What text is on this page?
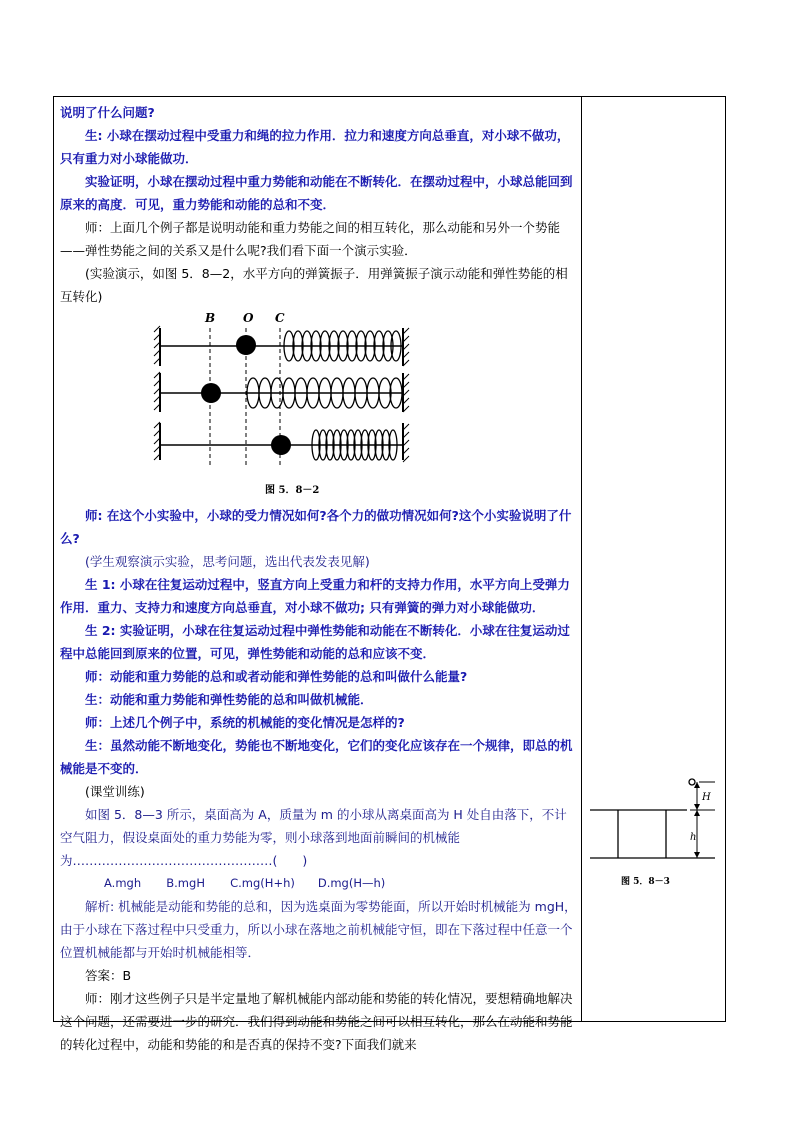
说明了什么问题?

生: 小球在摆动过程中受重力和绳的拉力作用．拉力和速度方向总垂直，对小球不做功，只有重力对小球能做功．

实验证明，小球在摆动过程中重力势能和动能在不断转化．在摆动过程中，小球总能回到原来的高度．可见，重力势能和动能的总和不变．

师：上面几个例子都是说明动能和重力势能之间的相互转化，那么动能和另外一个势能——弹性势能之间的关系又是什么呢?我们看下面一个演示实验．

(实验演示，如图 5．8—2，水平方向的弹簧振子．用弹簧振子演示动能和弹性势能的相互转化)

B O C
图 5．8－2

师: 在这个小实验中，小球的受力情况如何?各个力的做功情况如何?这个小实验说明了什么?

(学生观察演示实验，思考问题，选出代表发表见解)

生 1: 小球在往复运动过程中，竖直方向上受重力和杆的支持力作用，水平方向上受弹力作用．重力、支持力和速度方向总垂直，对小球不做功; 只有弹簧的弹力对小球能做功．

生 2: 实验证明，小球在往复运动过程中弹性势能和动能在不断转化．小球在往复运动过程中总能回到原来的位置，可见，弹性势能和动能的总和应该不变．

师：动能和重力势能的总和或者动能和弹性势能的总和叫做什么能量?

生：动能和重力势能和弹性势能的总和叫做机械能．

师：上述几个例子中，系统的机械能的变化情况是怎样的?

生：虽然动能不断地变化，势能也不断地变化，它们的变化应该存在一个规律，即总的机械能是不变的．

(课堂训练)

如图 5．8—3 所示，桌面高为 A，质量为 m 的小球从离桌面高为 H 处自由落下，不计空气阻力，假设桌面处的重力势能为零，则小球落到地面前瞬间的机械能为…………………………………………(　　)

A.mgh　 B.mgH　 C.mg(H+h)　　D.mg(H—h)

解析: 机械能是动能和势能的总和，因为选桌面为零势能面，所以开始时机械能为 mgH，由于小球在下落过程中只受重力，所以小球在落地之前机械能守恒，即在下落过程中任意一个位置机械能都与开始时机械能相等．

答案：B

师：刚才这些例子只是半定量地了解机械能内部动能和势能的转化情况，要想精确地解决这个问题，还需要进一步的研究．我们得到动能和势能之间可以相互转化，那么在动能和势能的转化过程中，动能和势能的和是否真的保持不变?下面我们就来

H
h
图 5．8－3
